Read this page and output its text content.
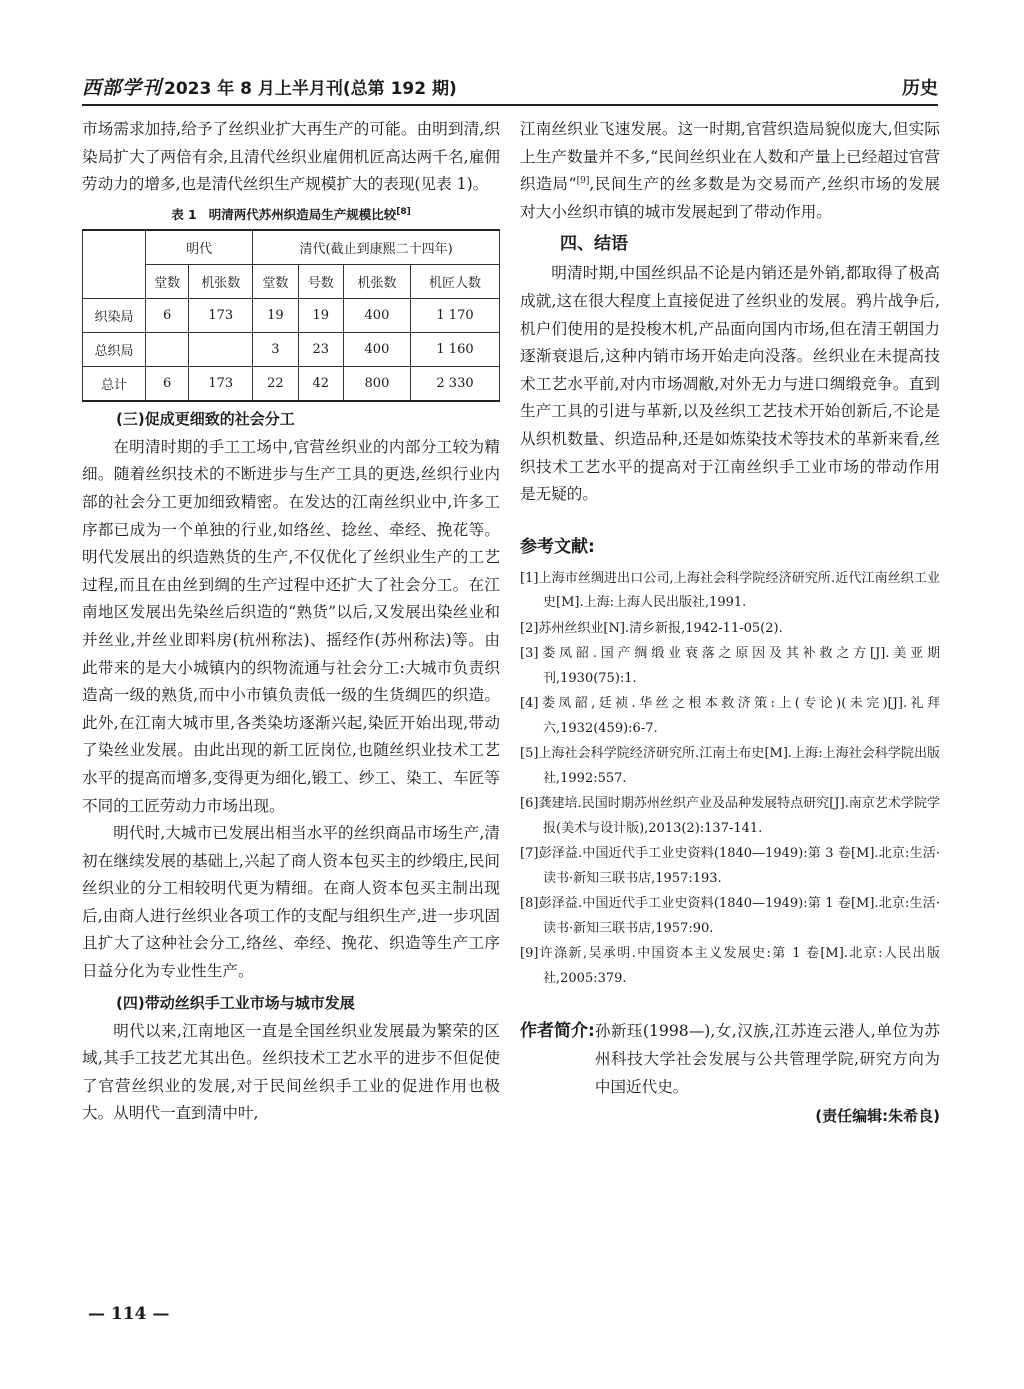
西部学刊 2023 年 8 月上半月刊(总第 192 期)	历史

市场需求加持,给予了丝织业扩大再生产的可能。由明到清,织染局扩大了两倍有余,且清代丝织业雇佣机匠高达两千名,雇佣劳动力的增多,也是清代丝织生产规模扩大的表现(见表 1)。

表 1 明清两代苏州织造局生产规模比较[8]
	明代		清代(截止到康熙二十四年)			
	堂数	机张数	堂数	号数	机张数	机匠人数
织染局	6	173	19	19	400	1 170
总织局			3	23	400	1 160
总计	6	173	22	42	800	2 330
(三)促成更细致的社会分工

在明清时期的手工工场中,官营丝织业的内部分工较为精细。随着丝织技术的不断进步与生产工具的更迭,丝织行业内部的社会分工更加细致精密。在发达的江南丝织业中,许多工序都已成为一个单独的行业,如络丝、捻丝、牵经、挽花等。明代发展出的织造熟货的生产,不仅优化了丝织业生产的工艺过程,而且在由丝到绸的生产过程中还扩大了社会分工。在江南地区发展出先染丝后织造的“熟货”以后,又发展出染丝业和并丝业,并丝业即料房(杭州称法)、摇经作(苏州称法)等。由此带来的是大小城镇内的织物流通与社会分工:大城市负责织造高一级的熟货,而中小市镇负责低一级的生货绸匹的织造。此外,在江南大城市里,各类染坊逐渐兴起,染匠开始出现,带动了染丝业发展。由此出现的新工匠岗位,也随丝织业技术工艺水平的提高而增多,变得更为细化,锻工、纱工、染工、车匠等不同的工匠劳动力市场出现。

明代时,大城市已发展出相当水平的丝织商品市场生产,清初在继续发展的基础上,兴起了商人资本包买主的纱缎庄,民间丝织业的分工相较明代更为精细。在商人资本包买主制出现后,由商人进行丝织业各项工作的支配与组织生产,进一步巩固且扩大了这种社会分工,络丝、牵经、挽花、织造等生产工序日益分化为专业性生产。

(四)带动丝织手工业市场与城市发展

明代以来,江南地区一直是全国丝织业发展最为繁荣的区域,其手工技艺尤其出色。丝织技术工艺水平的进步不但促使了官营丝织业的发展,对于民间丝织手工业的促进作用也极大。从明代一直到清中叶,

江南丝织业飞速发展。这一时期,官营织造局貌似庞大,但实际上生产数量并不多,“民间丝织业在人数和产量上已经超过官营织造局”[9],民间生产的丝多数是为交易而产,丝织市场的发展对大小丝织市镇的城市发展起到了带动作用。

四、结语

明清时期,中国丝织品不论是内销还是外销,都取得了极高成就,这在很大程度上直接促进了丝织业的发展。鸦片战争后,机户们使用的是投梭木机,产品面向国内市场,但在清王朝国力逐渐衰退后,这种内销市场开始走向没落。丝织业在未提高技术工艺水平前,对内市场凋敝,对外无力与进口绸缎竞争。直到生产工具的引进与革新,以及丝织工艺技术开始创新后,不论是从织机数量、织造品种,还是如炼染技术等技术的革新来看,丝织技术工艺水平的提高对于江南丝织手工业市场的带动作用是无疑的。

参考文献:
[1]上海市丝绸进出口公司,上海社会科学院经济研究所.近代江南丝织工业史[M].上海:上海人民出版社,1991.
[2]苏州丝织业[N].清乡新报,1942-11-05(2).
[3]娄凤韶.国产绸缎业衰落之原因及其补救之方[J].美亚期刊,1930(75):1.
[4]娄凤韶,廷祯.华丝之根本救济策:上(专论)(未完)[J].礼拜六,1932(459):6-7.
[5]上海社会科学院经济研究所.江南土布史[M].上海:上海社会科学院出版社,1992:557.
[6]龚建培.民国时期苏州丝织产业及品种发展特点研究[J].南京艺术学院学报(美术与设计版),2013(2):137-141.
[7]彭泽益.中国近代手工业史资料(1840—1949):第 3 卷[M].北京:生活·读书·新知三联书店,1957:193.
[8]彭泽益.中国近代手工业史资料(1840—1949):第 1 卷[M].北京:生活·读书·新知三联书店,1957:90.
[9]许涤新,吴承明.中国资本主义发展史:第 1 卷[M].北京:人民出版社,2005:379.
作者简介: 孙新珏(1998—),女,汉族,江苏连云港人,单位为苏州科技大学社会发展与公共管理学院,研究方向为中国近代史。
(责任编辑:朱希良)
— 114 —
